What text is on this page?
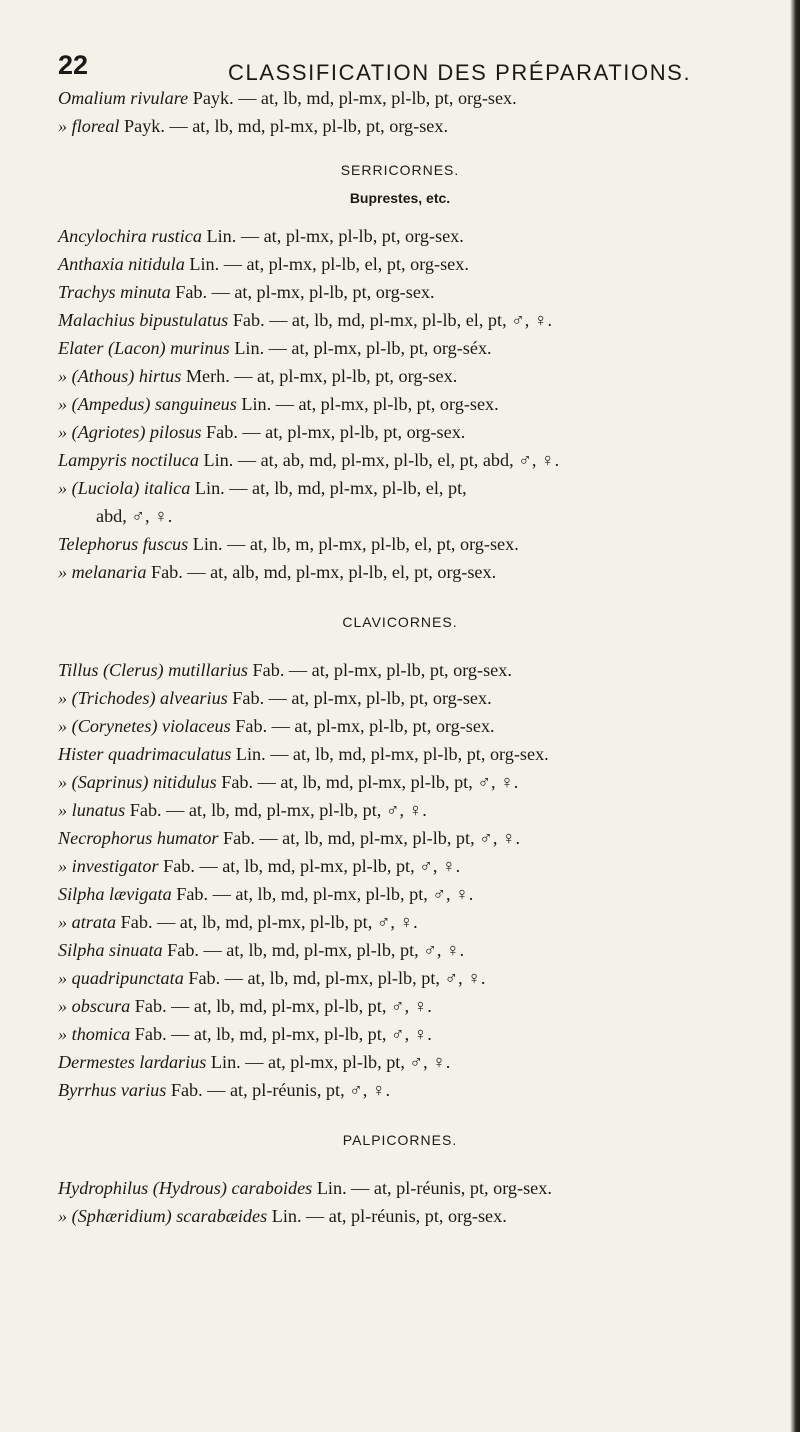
22	CLASSIFICATION DES PRÉPARATIONS.
Omalium rivulare Payk. — at, lb, md, pl-mx, pl-lb, pt, org-sex.
» floreal Payk. — at, lb, md, pl-mx, pl-lb, pt, org-sex.
SERRICORNES.
Buprestes, etc.
Ancylochira rustica Lin. — at, pl-mx, pl-lb, pt, org-sex.
Anthaxia nitidula Lin. — at, pl-mx, pl-lb, el, pt, org-sex.
Trachys minuta Fab. — at, pl-mx, pl-lb, pt, org-sex.
Malachius bipustulatus Fab. — at, lb, md, pl-mx, pl-lb, el, pt, ♂, ♀.
Elater (Lacon) murinus Lin. — at, pl-mx, pl-lb, pt, org-séx.
» (Athous) hirtus Merh. — at, pl-mx, pl-lb, pt, org-sex.
» (Ampedus) sanguineus Lin. — at, pl-mx, pl-lb, pt, org-sex.
» (Agriotes) pilosus Fab. — at, pl-mx, pl-lb, pt, org-sex.
Lampyris noctiluca Lin. — at, ab, md, pl-mx, pl-lb, el, pt, abd, ♂, ♀.
» (Luciola) italica Lin. — at, lb, md, pl-mx, pl-lb, el, pt,
abd, ♂, ♀.
Telephorus fuscus Lin. — at, lb, m, pl-mx, pl-lb, el, pt, org-sex.
» melanaria Fab. — at, alb, md, pl-mx, pl-lb, el, pt, org-sex.
CLAVICORNES.
Tillus (Clerus) mutillarius Fab. — at, pl-mx, pl-lb, pt, org-sex.
» (Trichodes) alvearius Fab. — at, pl-mx, pl-lb, pt, org-sex.
» (Corynetes) violaceus Fab. — at, pl-mx, pl-lb, pt, org-sex.
Hister quadrimaculatus Lin. — at, lb, md, pl-mx, pl-lb, pt, org-sex.
» (Saprinus) nitidulus Fab. — at, lb, md, pl-mx, pl-lb, pt, ♂, ♀.
» lunatus Fab. — at, lb, md, pl-mx, pl-lb, pt, ♂, ♀.
Necrophorus humator Fab. — at, lb, md, pl-mx, pl-lb, pt, ♂, ♀.
» investigator Fab. — at, lb, md, pl-mx, pl-lb, pt, ♂, ♀.
Silpha lævigata Fab. — at, lb, md, pl-mx, pl-lb, pt, ♂, ♀.
» atrata Fab. — at, lb, md, pl-mx, pl-lb, pt, ♂, ♀.
Silpha sinuata Fab. — at, lb, md, pl-mx, pl-lb, pt, ♂, ♀.
» quadripunctata Fab. — at, lb, md, pl-mx, pl-lb, pt, ♂, ♀.
» obscura Fab. — at, lb, md, pl-mx, pl-lb, pt, ♂, ♀.
» thomica Fab. — at, lb, md, pl-mx, pl-lb, pt, ♂, ♀.
Dermestes lardarius Lin. — at, pl-mx, pl-lb, pt, ♂, ♀.
Byrrhus varius Fab. — at, pl-réunis, pt, ♂, ♀.
PALPICORNES.
Hydrophilus (Hydrous) caraboides Lin. — at, pl-réunis, pt, org-sex.
» (Sphæridium) scarabæides Lin. — at, pl-réunis, pt, org-sex.
